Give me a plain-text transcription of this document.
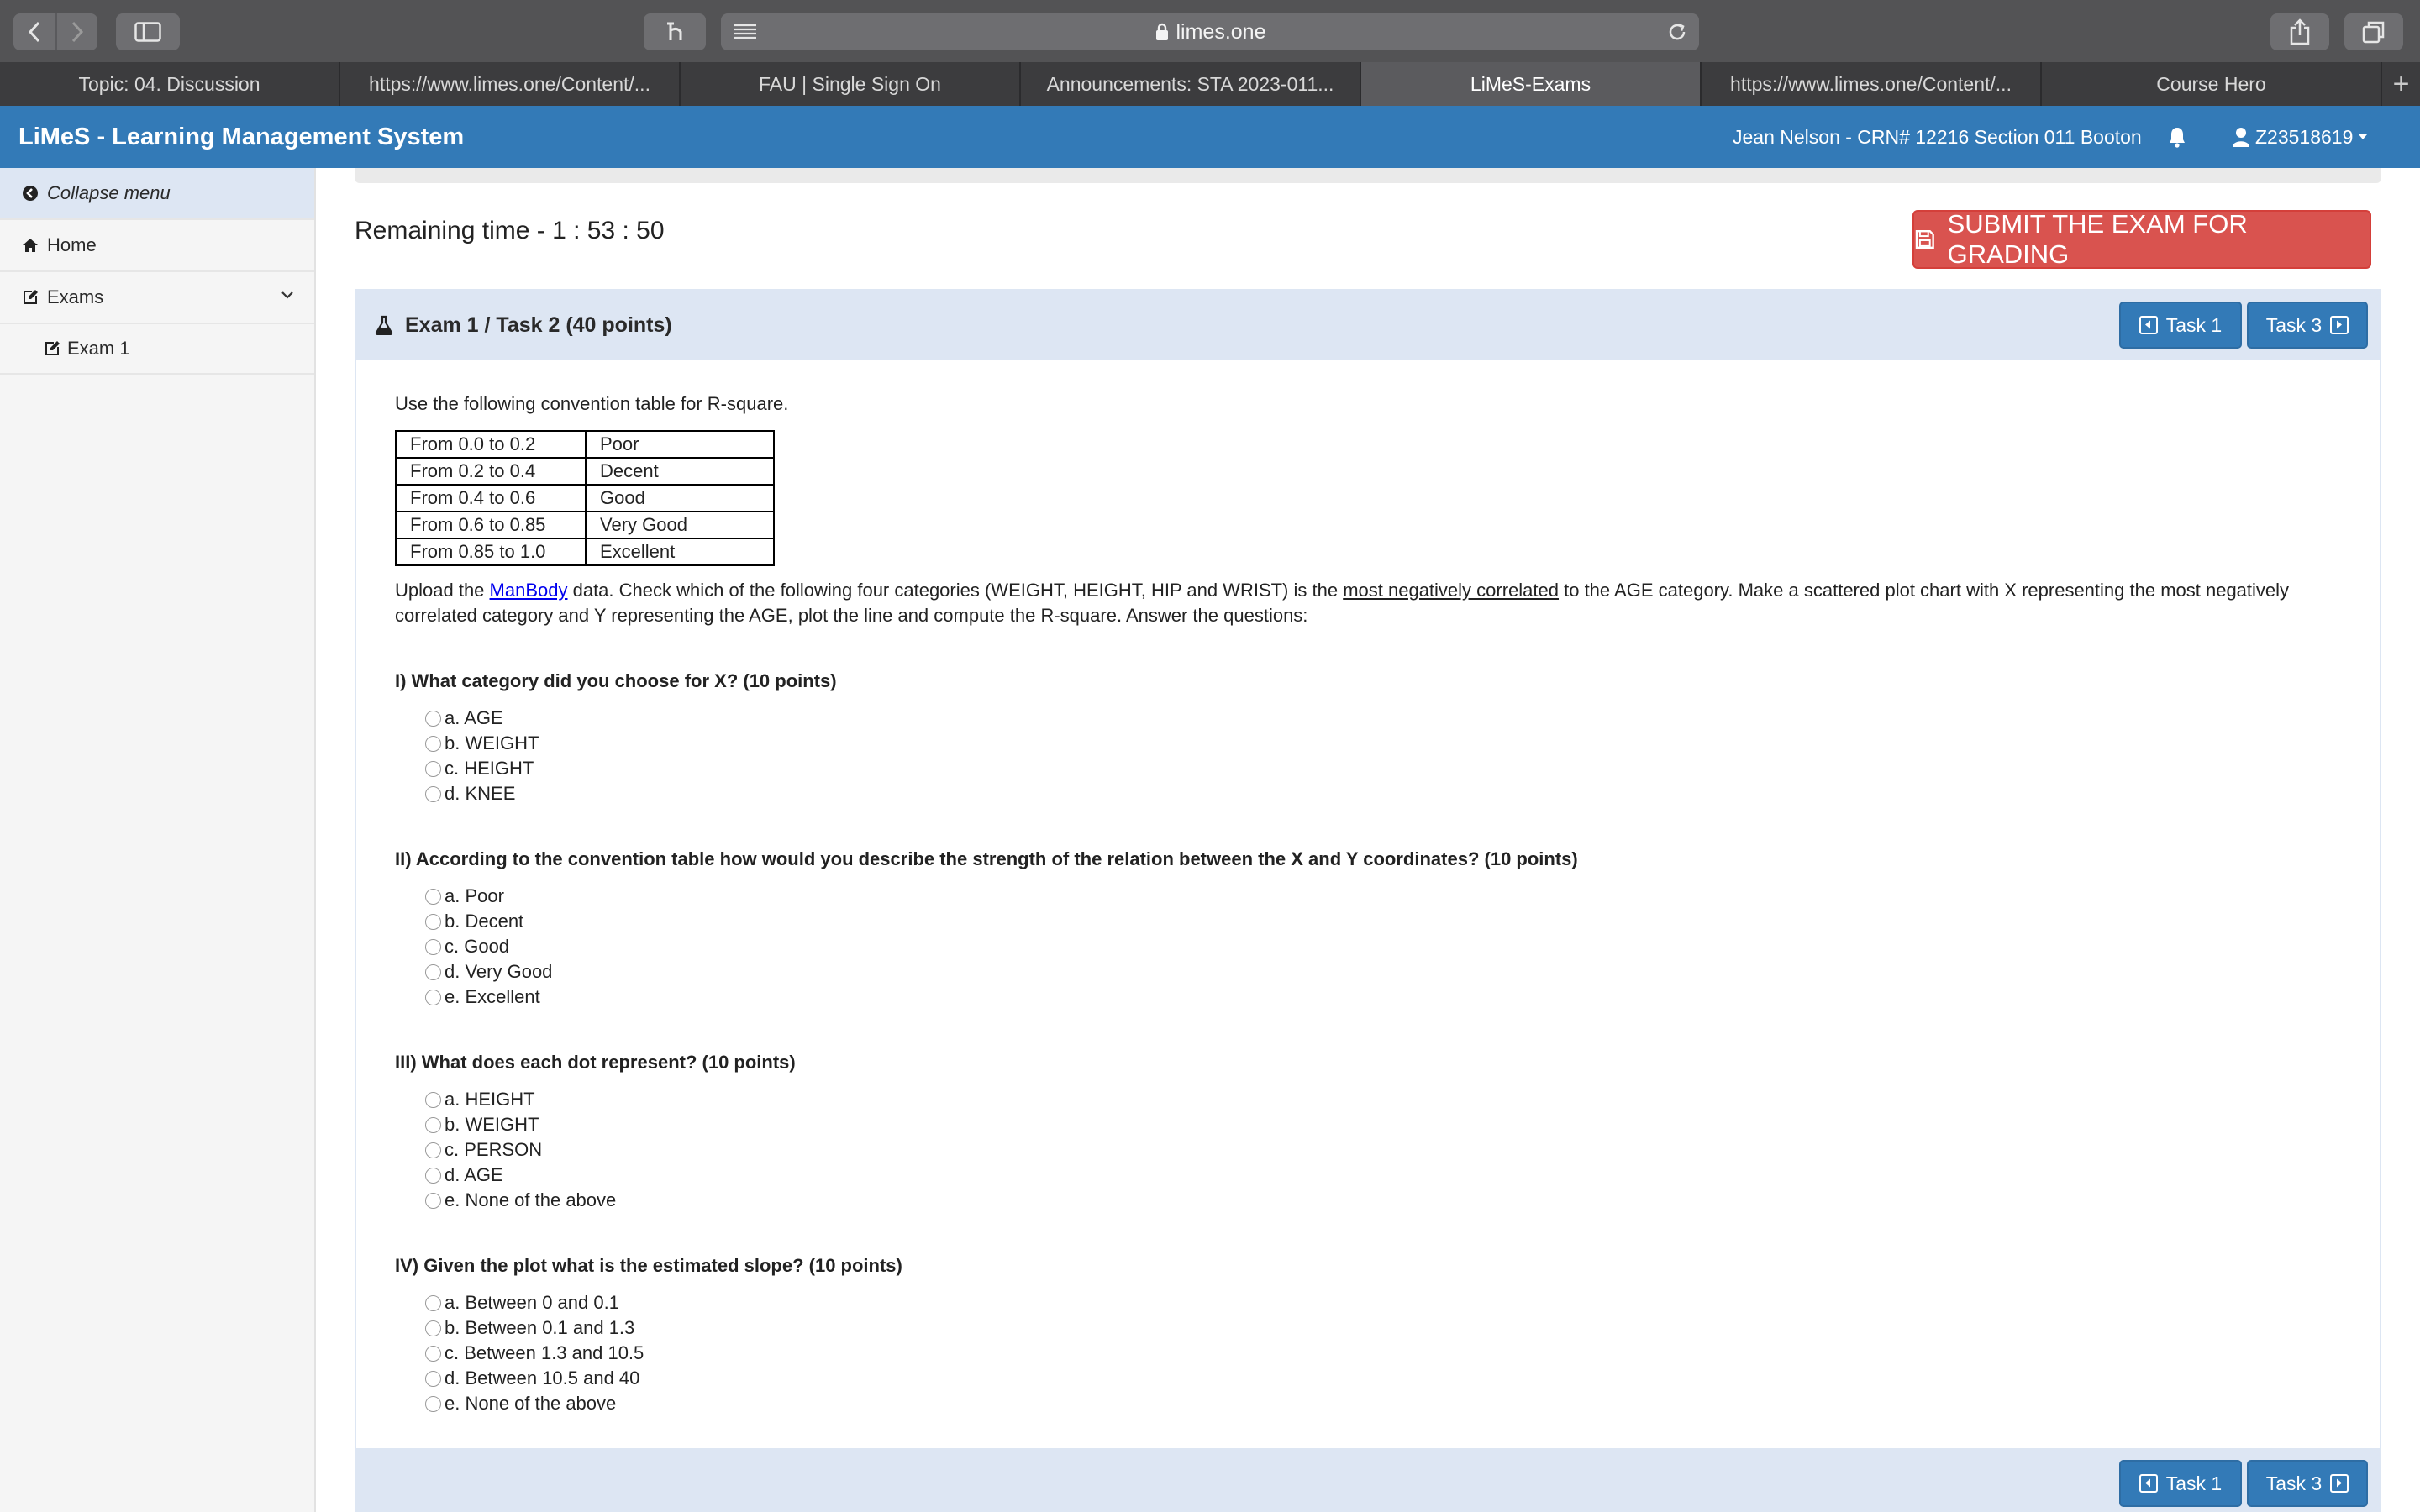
limes.one
Topic: 04. Discussion	https://www.limes.one/Content/...	FAU | Single Sign On	Announcements: STA 2023-011...	LiMeS-Exams	https://www.limes.one/Content/...	Course Hero	+
LiMeS - Learning Management System	Jean Nelson - CRN# 12216 Section 011 Booton	Z23518619
Collapse menu
Home
Exams
Exam 1
Remaining time - 1 : 53 : 50	SUBMIT THE EXAM FOR GRADING
Exam 1 / Task 2 (40 points)	Task 1 Task 3
Use the following convention table for R-square.
From 0.0 to 0.2	Poor
From 0.2 to 0.4	Decent
From 0.4 to 0.6	Good
From 0.6 to 0.85	Very Good
From 0.85 to 1.0	Excellent
Upload the ManBody data. Check which of the following four categories (WEIGHT, HEIGHT, HIP and WRIST) is the most negatively correlated to the AGE category. Make a scattered plot chart with X representing the most negatively correlated category and Y representing the AGE, plot the line and compute the R-square. Answer the questions:
I) What category did you choose for X? (10 points)
a. AGE
b. WEIGHT
c. HEIGHT
d. KNEE
II) According to the convention table how would you describe the strength of the relation between the X and Y coordinates? (10 points)
a. Poor
b. Decent
c. Good
d. Very Good
e. Excellent
III) What does each dot represent? (10 points)
a. HEIGHT
b. WEIGHT
c. PERSON
d. AGE
e. None of the above
IV) Given the plot what is the estimated slope? (10 points)
a. Between 0 and 0.1
b. Between 0.1 and 1.3
c. Between 1.3 and 10.5
d. Between 10.5 and 40
e. None of the above
Task 1 Task 3
